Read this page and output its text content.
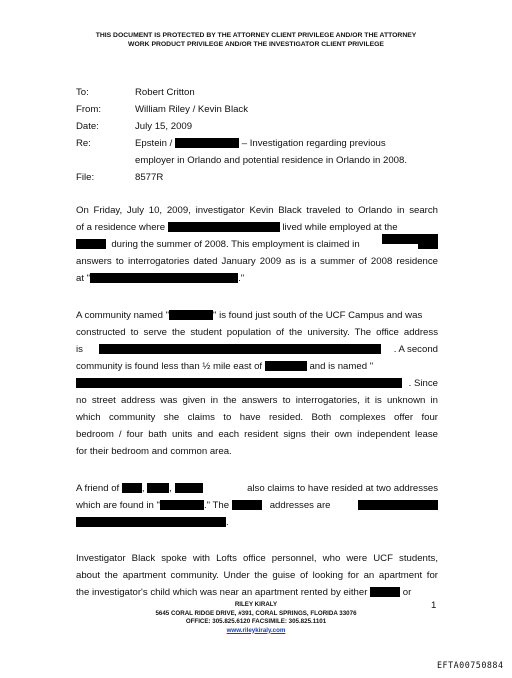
THIS DOCUMENT IS PROTECTED BY THE ATTORNEY CLIENT PRIVILEGE AND/OR THE ATTORNEY
WORK PRODUCT PRIVILEGE AND/OR THE INVESTIGATOR CLIENT PRIVILEGE
To:	Robert Critton
From:	William Riley / Kevin Black
Date:	July 15, 2009
Re:	Epstein /	– Investigation regarding previous
employer in Orlando and potential residence in Orlando in 2008.
File:	8577R
On Friday, July 10, 2009, investigator Kevin Black traveled to Orlando in search
of a residence where	lived while employed at the
during the summer of 2008. This employment is claimed in
answers to interrogatories dated January 2009 as is a summer of 2008 residence
at "	."
A community named "	" is found just south of the UCF Campus and was
constructed to serve the student population of the university. The office address
is	. A second
community is found less than ½ mile east of	and is named "
. Since
no street address was given in the answers to interrogatories, it is unknown in
which community she claims to have resided. Both complexes offer four
bedroom / four bath units and each resident signs their own independent lease
for their bedroom and common area.
A friend of ,	,	also claims to have resided at two addresses
which are found in "	." The	addresses are
.
Investigator Black spoke with Lofts office personnel, who were UCF students,
about the apartment community. Under the guise of looking for an apartment for
the investigator's child which was near an apartment rented by either	or
RILEY KIRALY
5645 CORAL RIDGE DRIVE, #391, CORAL SPRINGS, FLORIDA 33076
OFFICE: 305.825.6120 FACSIMILE: 305.825.1101
www.rileykiraly.com
1
EFTA00750884
